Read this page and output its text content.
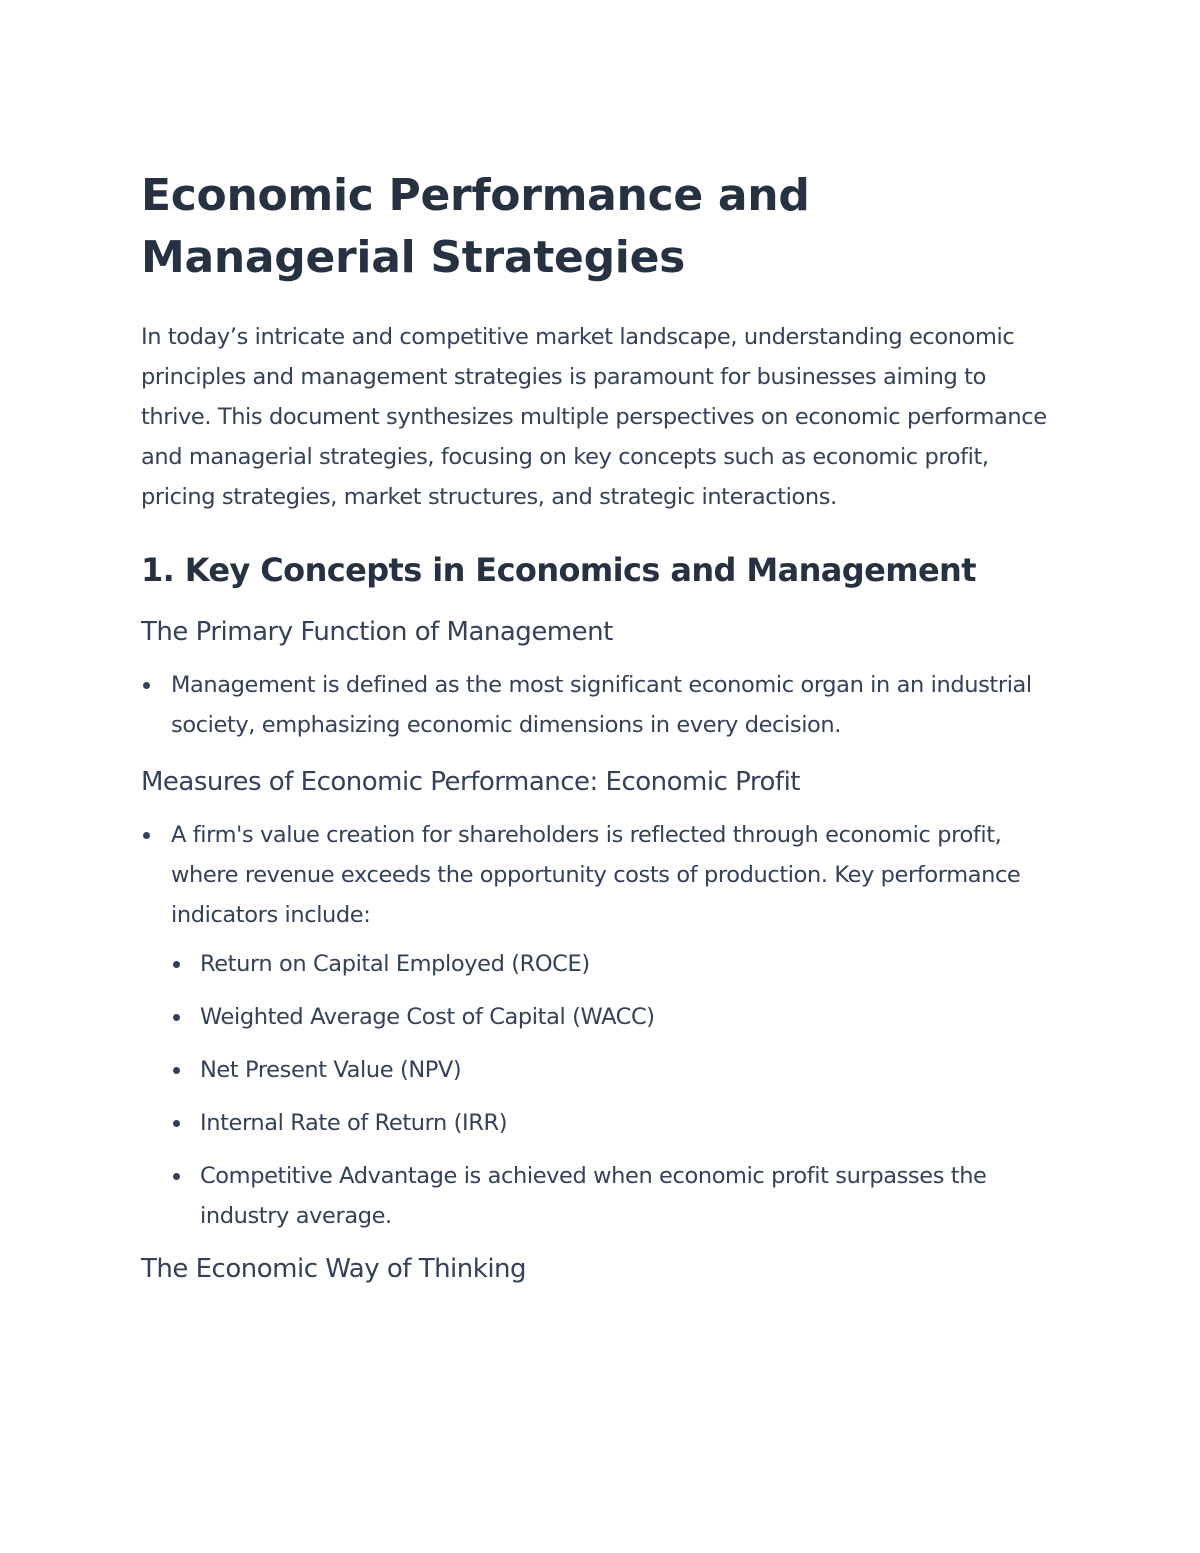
Economic Performance and Managerial Strategies

In today’s intricate and competitive market landscape, understanding economic principles and management strategies is paramount for businesses aiming to thrive. This document synthesizes multiple perspectives on economic performance and managerial strategies, focusing on key concepts such as economic profit, pricing strategies, market structures, and strategic interactions.

1. Key Concepts in Economics and Management
The Primary Function of Management
Management is defined as the most significant economic organ in an industrial society, emphasizing economic dimensions in every decision.
Measures of Economic Performance: Economic Profit
A firm's value creation for shareholders is reflected through economic profit, where revenue exceeds the opportunity costs of production. Key performance indicators include:
Return on Capital Employed (ROCE)
Weighted Average Cost of Capital (WACC)
Net Present Value (NPV)
Internal Rate of Return (IRR)
Competitive Advantage is achieved when economic profit surpasses the industry average.
The Economic Way of Thinking
